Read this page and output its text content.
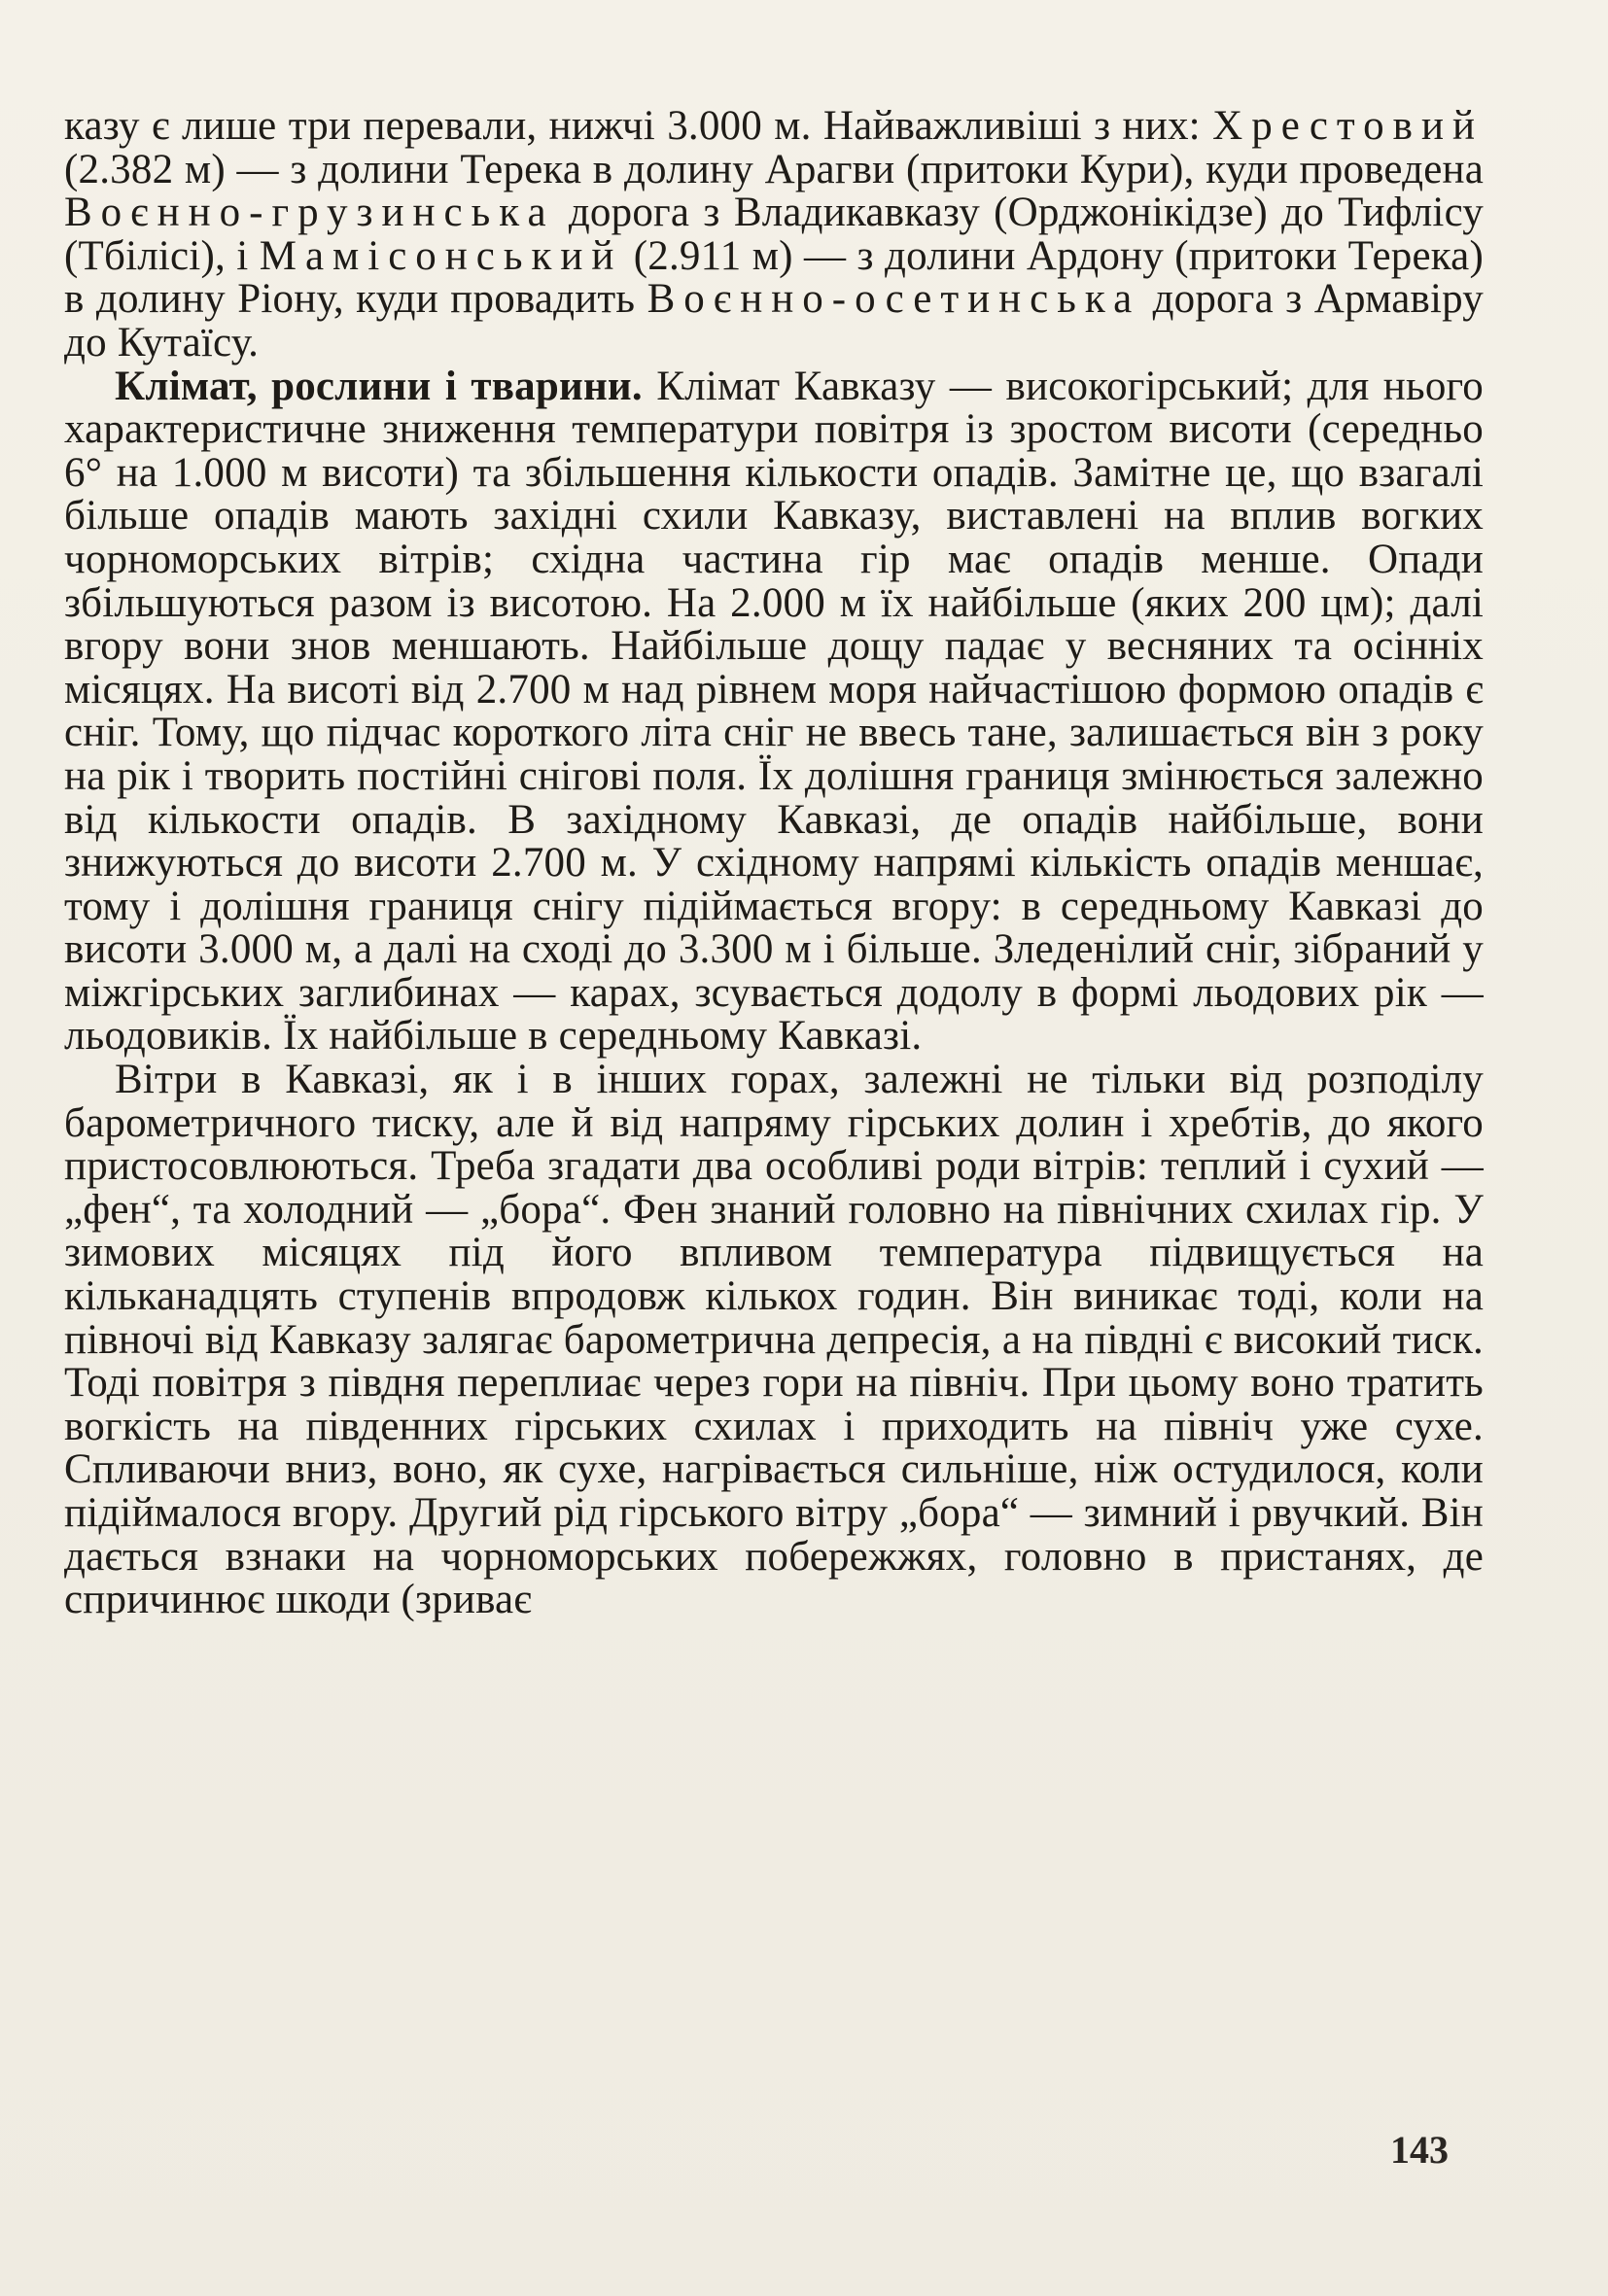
казу є лише три перевали, нижчі 3.000 м. Найважливіші з них: Хрестовий (2.382 м) — з долини Терека в долину Арагви (притоки Кури), куди проведена Воєнно-грузинська дорога з Владикавказу (Орджонікідзе) до Тифлісу (Тбілісі), і Мамісонський (2.911 м) — з долини Ардону (притоки Терека) в долину Ріону, куди провадить Воєнно-осетинська дорога з Армавіру до Кутаїсу.

Клімат, рослини і тварини. Клімат Кавказу — високогірський; для нього характеристичне зниження температури повітря із зростом висоти (середньо 6° на 1.000 м висоти) та збільшення кількости опадів. Замітне це, що взагалі більше опадів мають західні схили Кавказу, виставлені на вплив вогких чорноморських вітрів; східна частина гір має опадів менше. Опади збільшуються разом із висотою. На 2.000 м їх найбільше (яких 200 цм); далі вгору вони знов меншають. Найбільше дощу падає у весняних та осінніх місяцях. На висоті від 2.700 м над рівнем моря найчастішою формою опадів є сніг. Тому, що підчас короткого літа сніг не ввесь тане, залишається він з року на рік і творить постійні снігові поля. Їх долішня границя змінюється залежно від кількости опадів. В західному Кавказі, де опадів найбільше, вони знижуються до висоти 2.700 м. У східному напрямі кількість опадів меншає, тому і долішня границя снігу підіймається вгору: в середньому Кавказі до висоти 3.000 м, а далі на сході до 3.300 м і більше. Зледенілий сніг, зібраний у міжгірських заглибинах — карах, зсувається додолу в формі льодових рік — льодовиків. Їх найбільше в середньому Кавказі.

Вітри в Кавказі, як і в інших горах, залежні не тільки від розподілу барометричного тиску, але й від напряму гірських долин і хребтів, до якого пристосовлюються. Треба згадати два особливі роди вітрів: теплий і сухий — „фен“, та холодний — „бора“. Фен знаний головно на північних схилах гір. У зимових місяцях під його впливом температура підвищується на кільканадцять ступенів впродовж кількох годин. Він виникає тоді, коли на півночі від Кавказу залягає барометрична депресія, а на півдні є високий тиск. Тоді повітря з півдня переплиає через гори на північ. При цьому воно тратить вогкість на південних гірських схилах і приходить на північ уже сухе. Спливаючи вниз, воно, як сухе, нагрівається сильніше, ніж остудилося, коли підіймалося вгору. Другий рід гірського вітру „бора“ — зимний і рвучкий. Він дається взнаки на чорноморських побережжях, головно в пристанях, де спричинює шкоди (зриває

143
